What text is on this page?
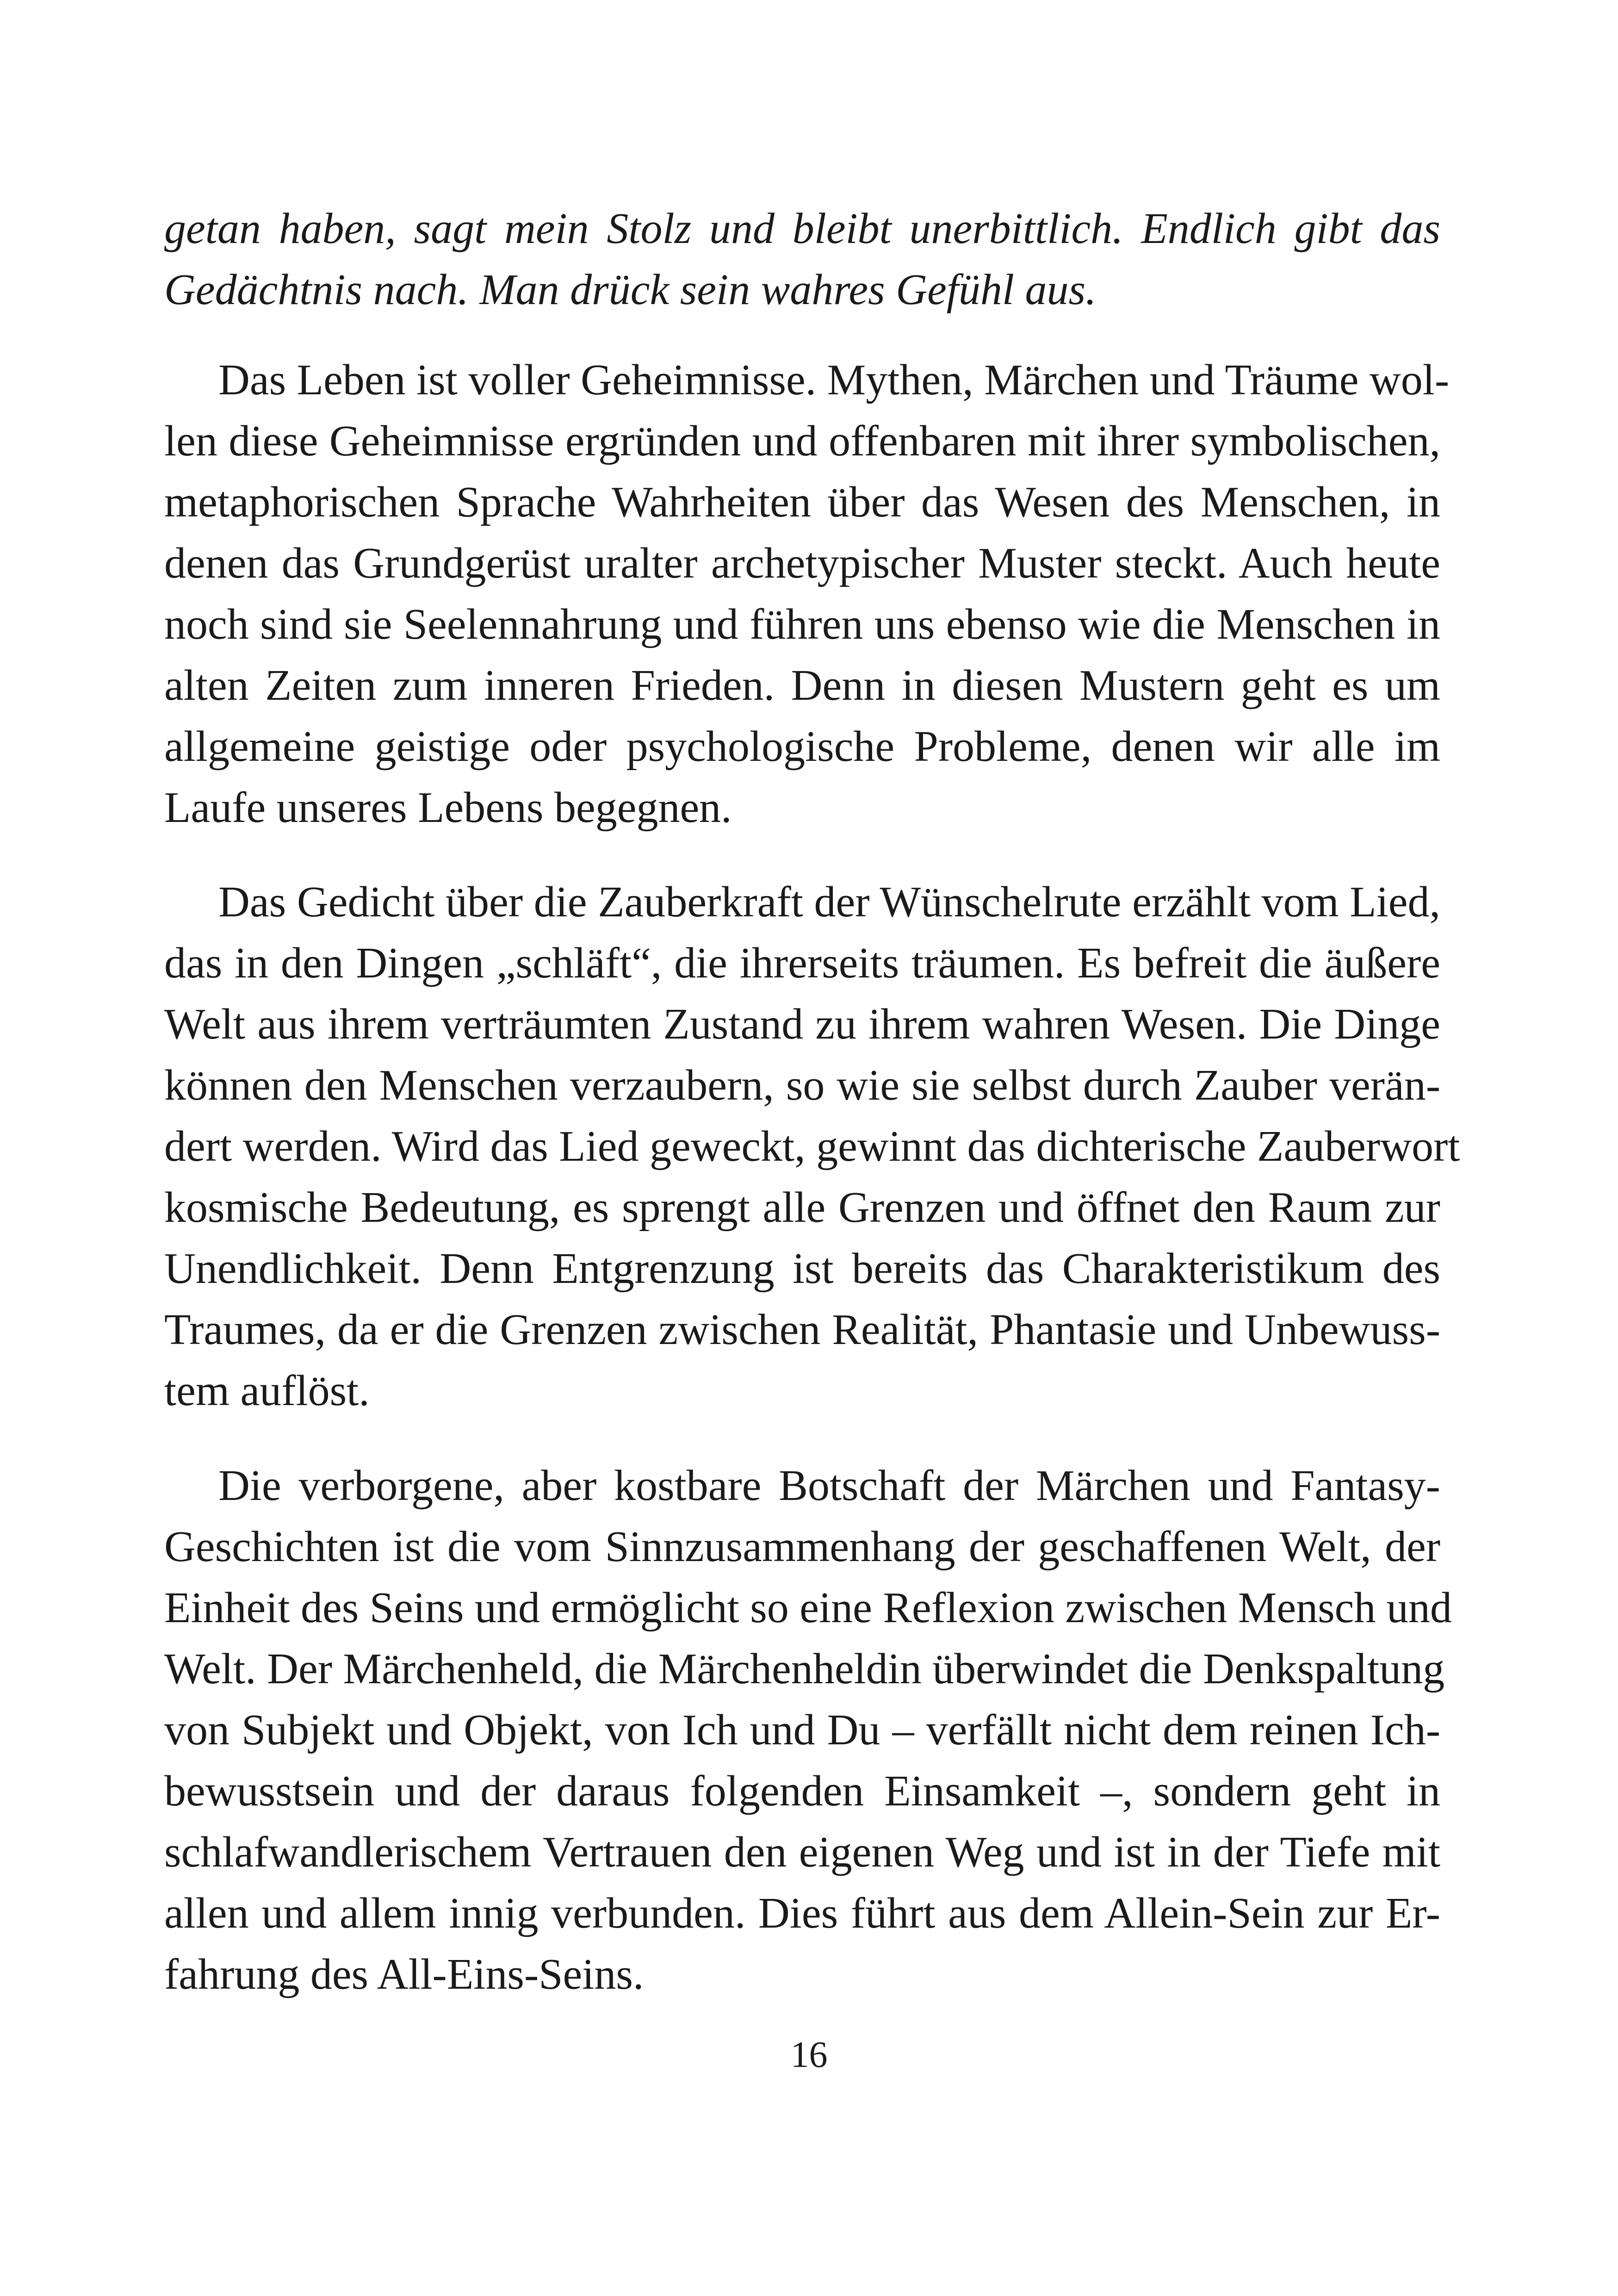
getan haben, sagt mein Stolz und bleibt unerbittlich. Endlich gibt das
Gedächtnis nach. Man drück sein wahres Gefühl aus.
Das Leben ist voller Geheimnisse. Mythen, Märchen und Träume wol-
len diese Geheimnisse ergründen und offenbaren mit ihrer symbolischen,
metaphorischen Sprache Wahrheiten über das Wesen des Menschen, in
denen das Grundgerüst uralter archetypischer Muster steckt. Auch heute
noch sind sie Seelennahrung und führen uns ebenso wie die Menschen in
alten Zeiten zum inneren Frieden. Denn in diesen Mustern geht es um
allgemeine geistige oder psychologische Probleme, denen wir alle im
Laufe unseres Lebens begegnen.
Das Gedicht über die Zauberkraft der Wünschelrute erzählt vom Lied,
das in den Dingen „schläft“, die ihrerseits träumen. Es befreit die äußere
Welt aus ihrem verträumten Zustand zu ihrem wahren Wesen. Die Dinge
können den Menschen verzaubern, so wie sie selbst durch Zauber verän-
dert werden. Wird das Lied geweckt, gewinnt das dichterische Zauberwort
kosmische Bedeutung, es sprengt alle Grenzen und öffnet den Raum zur
Unendlichkeit. Denn Entgrenzung ist bereits das Charakteristikum des
Traumes, da er die Grenzen zwischen Realität, Phantasie und Unbewuss-
tem auflöst.
Die verborgene, aber kostbare Botschaft der Märchen und Fantasy-
Geschichten ist die vom Sinnzusammenhang der geschaffenen Welt, der
Einheit des Seins und ermöglicht so eine Reflexion zwischen Mensch und
Welt. Der Märchenheld, die Märchenheldin überwindet die Denkspaltung
von Subjekt und Objekt, von Ich und Du – verfällt nicht dem reinen Ich-
bewusstsein und der daraus folgenden Einsamkeit –, sondern geht in
schlafwandlerischem Vertrauen den eigenen Weg und ist in der Tiefe mit
allen und allem innig verbunden. Dies führt aus dem Allein-Sein zur Er-
fahrung des All-Eins-Seins.
16
